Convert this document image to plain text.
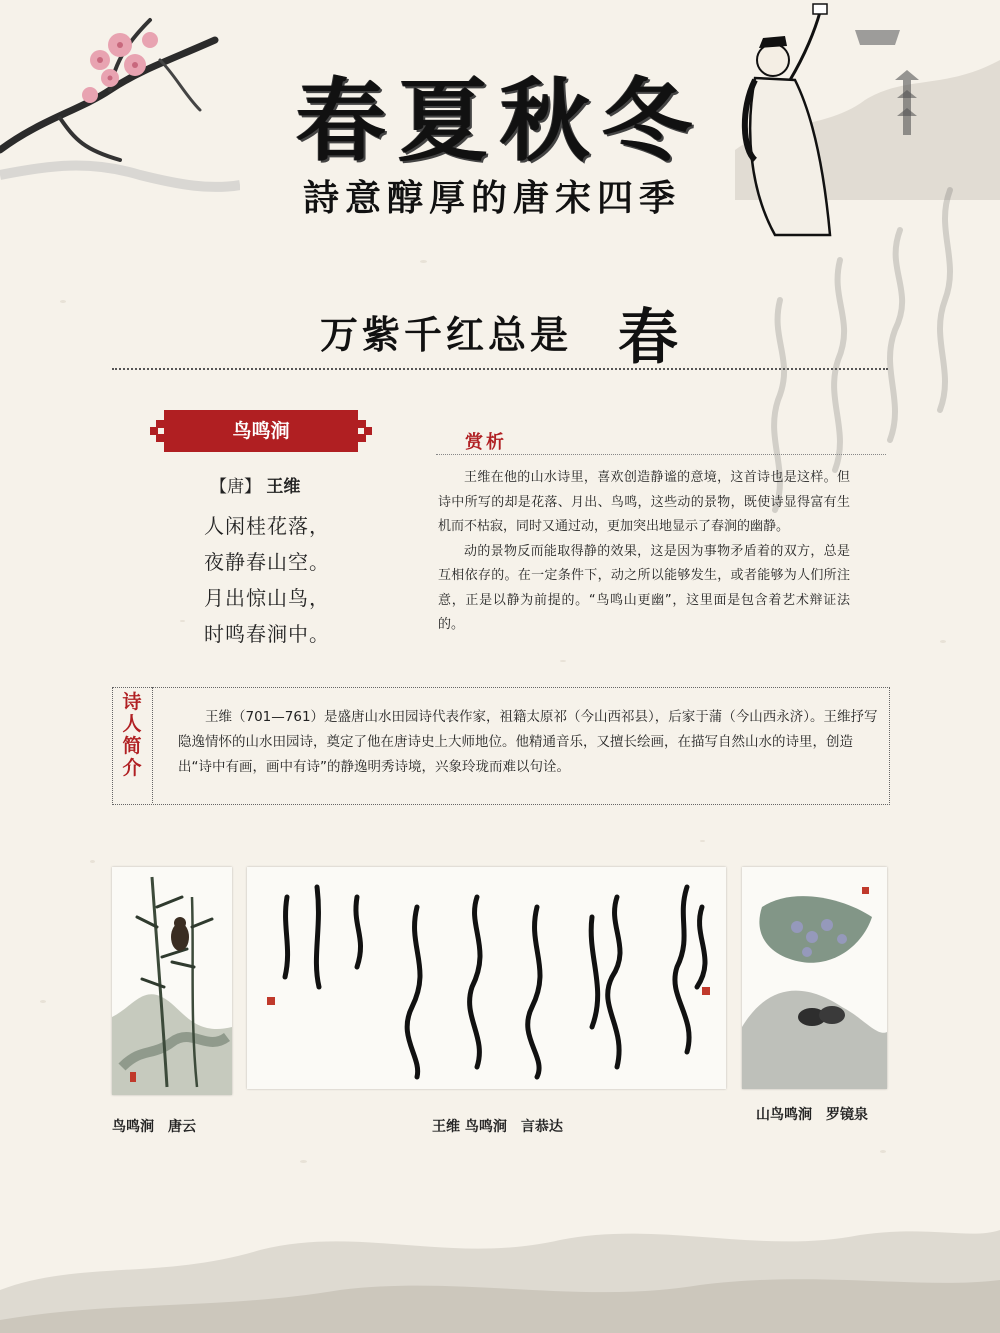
春夏秋冬
詩意醇厚的唐宋四季
万紫千红总是 春
鸟鸣涧
【唐】 王维
人闲桂花落，
夜静春山空。
月出惊山鸟，
时鸣春涧中。
赏析

王维在他的山水诗里，喜欢创造静谧的意境，这首诗也是这样。但诗中所写的却是花落、月出、鸟鸣，这些动的景物，既使诗显得富有生机而不枯寂，同时又通过动，更加突出地显示了春涧的幽静。

动的景物反而能取得静的效果，这是因为事物矛盾着的双方，总是互相依存的。在一定条件下，动之所以能够发生，或者能够为人们所注意，正是以静为前提的。“鸟鸣山更幽”，这里面是包含着艺术辩证法的。

诗
人
简
介

王维（701—761）是盛唐山水田园诗代表作家，祖籍太原祁（今山西祁县），后家于蒲（今山西永济）。王维抒写隐逸情怀的山水田园诗，奠定了他在唐诗史上大师地位。他精通音乐，又擅长绘画，在描写自然山水的诗里，创造出“诗中有画，画中有诗”的静逸明秀诗境，兴象玲珑而难以句诠。

鸟鸣涧　唐云	王维 鸟鸣涧　言恭达
山鸟鸣涧　罗镜泉
